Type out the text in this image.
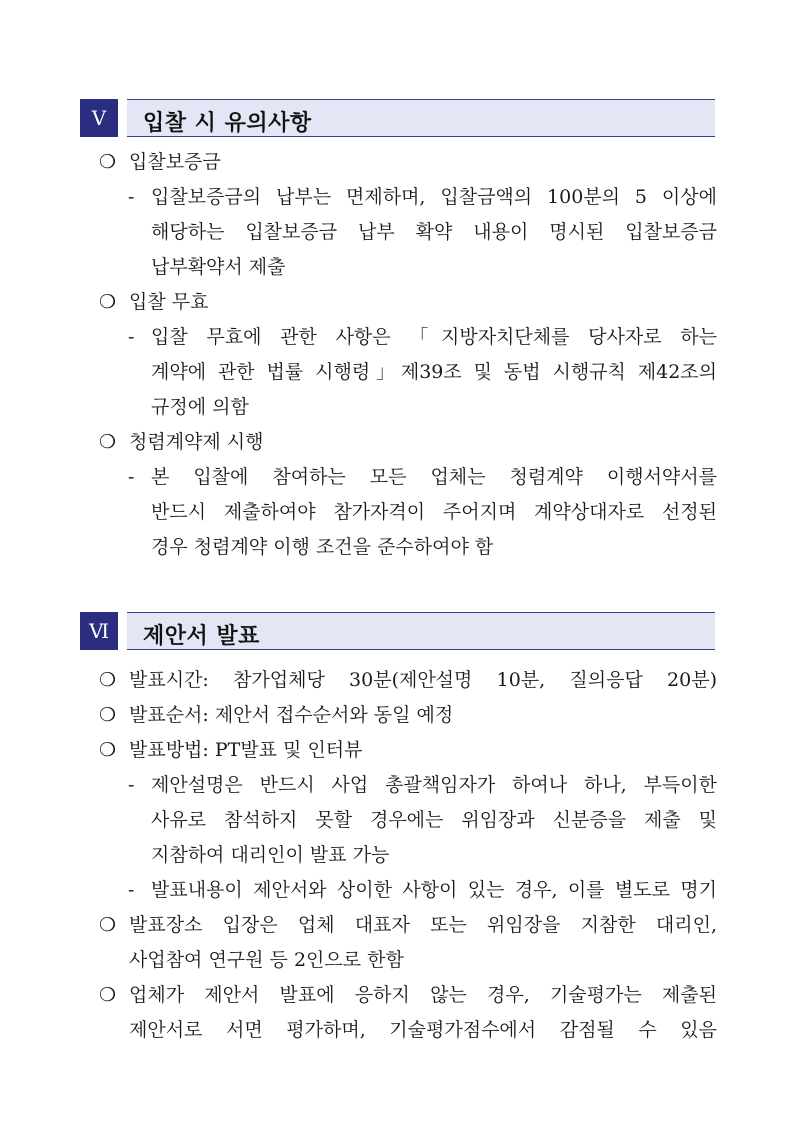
V	입찰 시 유의사항
❍ 입찰보증금
- 입찰보증금의 납부는 면제하며, 입찰금액의 100분의 5 이상에
해당하는 입찰보증금 납부 확약 내용이 명시된 입찰보증금
납부확약서 제출
❍ 입찰 무효
- 입찰 무효에 관한 사항은 「지방자치단체를 당사자로 하는
계약에 관한 법률 시행령」제39조 및 동법 시행규칙 제42조의
규정에 의함
❍ 청렴계약제 시행
- 본 입찰에 참여하는 모든 업체는 청렴계약 이행서약서를
반드시 제출하여야 참가자격이 주어지며 계약상대자로 선정된
경우 청렴계약 이행 조건을 준수하여야 함
Ⅵ	제안서 발표
❍ 발표시간: 참가업체당 30분(제안설명 10분, 질의응답 20분)
❍ 발표순서: 제안서 접수순서와 동일 예정
❍ 발표방법: PT발표 및 인터뷰
- 제안설명은 반드시 사업 총괄책임자가 하여나 하나, 부득이한
사유로 참석하지 못할 경우에는 위임장과 신분증을 제출 및
지참하여 대리인이 발표 가능
- 발표내용이 제안서와 상이한 사항이 있는 경우, 이를 별도로 명기
❍ 발표장소 입장은 업체 대표자 또는 위임장을 지참한 대리인,
사업참여 연구원 등 2인으로 한함
❍ 업체가 제안서 발표에 응하지 않는 경우, 기술평가는 제출된
제안서로 서면 평가하며, 기술평가점수에서 감점될 수 있음
